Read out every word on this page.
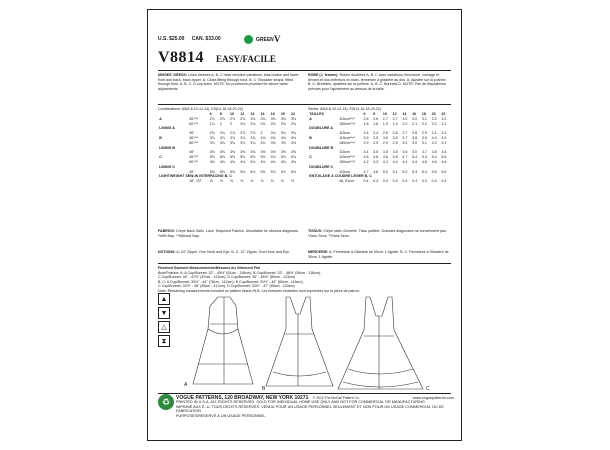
U.S. $25.00 CAN. $33.00	GREEN V
V8814 EASY/FACILE
MISSES' DRESS: Lined dresses A, B, C have neckline variations, bias bodice and lower front and back, back zipper. A: Close-fitting through bust. B, C: Shoulder straps, fitted through bust. A, B, C: D-cup sizes. NOTE: No provisions provided for above waist adjustments.
ROBE (J. femme): Robes doublées A, B, C avec variations d'encolure, corsage et devant et dos inférieurs en biais, fermeture à glissière au dos. A: Ajustée sur la poitrine. B, C: Bretelles, ajustées sur la poitrine. A, B, C: Bonnets D. NOTE: Pas de dispositions prévues pour l'ajustement au-dessus de la taille.
Combinations: A5(6-8-10-12-14), E5(14-16-18-20-22)
		6	8	10	12	14	16	18	20	22
A	45"/**	2⅞	2⅞	2⅞	2¾	3⅛	3⅛	3⅜	3⅜	3⅜
	60"/**	1⅞	2	2	2⅛	2⅛	2⅛	2⅛	2⅛	2⅛
LINING A										
	45"	2¾	2¾	2⅞	2⅞	2⅞	3	3¼	3¼	3¼
B	45"/**	3⅞	3⅞	3⅞	3⅞	3⅞	4⅛	4⅛	4⅛	4⅛
	60"/**	3⅛	3⅛	3⅛	3⅛	3¼	3¼	3⅝	3⅝	3⅝
LINING B										
	45"	3⅜	3⅜	3⅜	3⅜	3⅜	3½	3½	3½	3⅝
C	45"/**	5⅛	5⅛	5⅛	5⅛	5⅛	5⅛	5⅞	5⅞	5⅞
	60"/**	4⅛	4⅛	4⅛	4⅛	4⅛	4⅛	4⅛	4⅛	4⅛
LINING C										
	45"	5⅛	5⅛	5⅛	5⅛	5⅛	5⅛	5⅞	5⅞	6⅛
LIGHTWEIGHT SEW-IN INTERFACING B, C										
	18", 20"	⅜	⅜	⅜	⅜	⅜	⅜	⅜	⅜	⅜
Séries: A5(6-8-10-12-14), E5(14-16-18-20-22)
TAILLES		6	8	10	12	14	16	18	20	22
A	115cm**/*	2.6	2.6	2.7	2.7	3.0	3.0	3.1	3.2	3.2
	150cm**/*	1.8	1.8	1.9	1.9	2.0	2.1	2.2	2.2	2.2
DOUBLURE A										
	115cm	2.4	2.4	2.6	2.6	2.7	2.8	2.9	3.1	3.1
B	115cm**/*	3.5	3.5	3.6	3.6	3.7	3.8	3.9	4.0	4.0
	150cm**/*	2.9	2.9	2.9	2.9	3.0	3.0	3.1	3.3	3.3
DOUBLURE B										
	115cm	3.4	3.5	3.5	3.5	3.6	3.0	3.7	3.8	3.8
C	115cm**/*	4.6	4.6	4.6	4.6	4.7	5.4	5.4	5.4	5.6
	150cm**/*	4.2	4.3	4.3	4.4	4.4	4.4	4.6	4.6	4.6
DOUBLURE C										
	115cm	4.7	4.8	5.0	5.1	5.2	5.3	5.4	5.6	5.6
ENTOILAGE À COUDRE LÉGER B, C										
	46, 51cm	0.4	0.4	0.4	0.4	0.4	0.4	0.4	0.4	0.4
FABRICS: Crepe Back Satin, Lace, Sequined Fabrics. Unsuitable for obvious diagonals. *With Nap. **Without Nap.
TISSUS: Crêpe satin, Dentelle, Tissu pailleté. Grandes diagonales ne conviennent pas. *Avec Sens. **Sans Sens.
NOTIONS: A: 24" Zipper, One Hook and Eye. B, C: 12" Zipper, One Hook and Eye.	MERCERIE: A: Fermeture à Glissière de 60cm, 1 Agrafe. B, C: Fermeture à Glissière de 30cm, 1 Agrafe.
Finished Garment Measurements/Mesures du Vêtement Fini
Bust/Poitrine: A: A Cup/Bonnet: 32" - 45½" (81cm - 116cm), B Cup/Bonnet: 33" - 46½" (84cm - 118cm),
C Cup/Bonnet: 34" - 47½" (87cm - 121cm), D Cup/Bonnet: 35" - 48½" (89cm - 123cm)
B, C: A Cup/Bonnet: 30½" - 44" (78cm - 112cm), B Cup/Bonnet: 31½" - 45" (80cm - 115cm),
C Cup/Bonnet: 32½" - 46" (83cm - 117cm), D Cup/Bonnet: 33½" - 47" (85cm - 120cm)
Note: Remaining measurements included on pattern tissue./N.B. Les mesures restantes sont imprimées sur la pièce de patron.
A
B	C
▲
▼
△
⧗
♻	VOGUE PATTERNS, 120 BROADWAY, NEW YORK 10271 © 2012 The McCall Pattern Co.	www.voguepatterns.com
PRINTED IN U.S.A. ALL RIGHTS RESERVED. SOLD FOR INDIVIDUAL HOME USE ONLY AND NOT FOR COMMERCIAL OR MANUFACTURING
IMPRIMÉ AUX É.-U. TOUS DROITS RÉSERVÉS. VENDU POUR UN USAGE PERSONNEL SEULEMENT ET NON POUR UN USAGE COMMERCIAL OU DE FABRICATION
PURPOSES/RÉSERVÉ À UN USAGE PERSONNEL.
